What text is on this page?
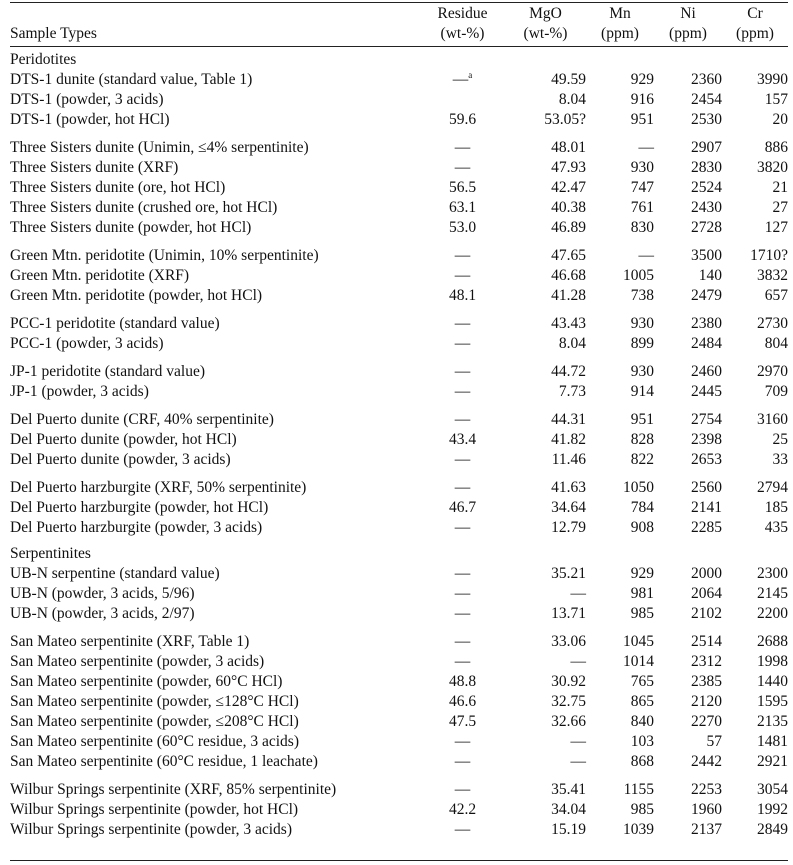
	Residue	MgO	Mn	Ni	Cr
Sample Types	(wt-%)	(wt-%)	(ppm)	(ppm)	(ppm)

Peridotites					
DTS-1 dunite (standard value, Table 1)	—$^a$	49.59	929	2360	3990
DTS-1 (powder, 3 acids)		8.04	916	2454	157
DTS-1 (powder, hot HCl)	59.6	53.05?	951	2530	20

Three Sisters dunite (Unimin, ≤4% serpentinite)	—	48.01	—	2907	886
Three Sisters dunite (XRF)	—	47.93	930	2830	3820
Three Sisters dunite (ore, hot HCl)	56.5	42.47	747	2524	21
Three Sisters dunite (crushed ore, hot HCl)	63.1	40.38	761	2430	27
Three Sisters dunite (powder, hot HCl)	53.0	46.89	830	2728	127

Green Mtn. peridotite (Unimin, 10% serpentinite)	—	47.65	—	3500	1710?
Green Mtn. peridotite (XRF)	—	46.68	1005	140	3832
Green Mtn. peridotite (powder, hot HCl)	48.1	41.28	738	2479	657

PCC-1 peridotite (standard value)	—	43.43	930	2380	2730
PCC-1 (powder, 3 acids)	—	8.04	899	2484	804

JP-1 peridotite (standard value)	—	44.72	930	2460	2970
JP-1 (powder, 3 acids)	—	7.73	914	2445	709

Del Puerto dunite (CRF, 40% serpentinite)	—	44.31	951	2754	3160
Del Puerto dunite (powder, hot HCl)	43.4	41.82	828	2398	25
Del Puerto dunite (powder, 3 acids)	—	11.46	822	2653	33

Del Puerto harzburgite (XRF, 50% serpentinite)	—	41.63	1050	2560	2794
Del Puerto harzburgite (powder, hot HCl)	46.7	34.64	784	2141	185
Del Puerto harzburgite (powder, 3 acids)	—	12.79	908	2285	435

Serpentinites					
UB-N serpentine (standard value)	—	35.21	929	2000	2300
UB-N (powder, 3 acids, 5/96)	—	—	981	2064	2145
UB-N (powder, 3 acids, 2/97)	—	13.71	985	2102	2200

San Mateo serpentinite (XRF, Table 1)	—	33.06	1045	2514	2688
San Mateo serpentinite (powder, 3 acids)	—	—	1014	2312	1998
San Mateo serpentinite (powder, 60°C HCl)	48.8	30.92	765	2385	1440
San Mateo serpentinite (powder, ≤128°C HCl)	46.6	32.75	865	2120	1595
San Mateo serpentinite (powder, ≤208°C HCl)	47.5	32.66	840	2270	2135
San Mateo serpentinite (60°C residue, 3 acids)	—	—	103	57	1481
San Mateo serpentinite (60°C residue, 1 leachate)	—	—	868	2442	2921

Wilbur Springs serpentinite (XRF, 85% serpentinite)	—	35.41	1155	2253	3054
Wilbur Springs serpentinite (powder, hot HCl)	42.2	34.04	985	1960	1992
Wilbur Springs serpentinite (powder, 3 acids)	—	15.19	1039	2137	2849
